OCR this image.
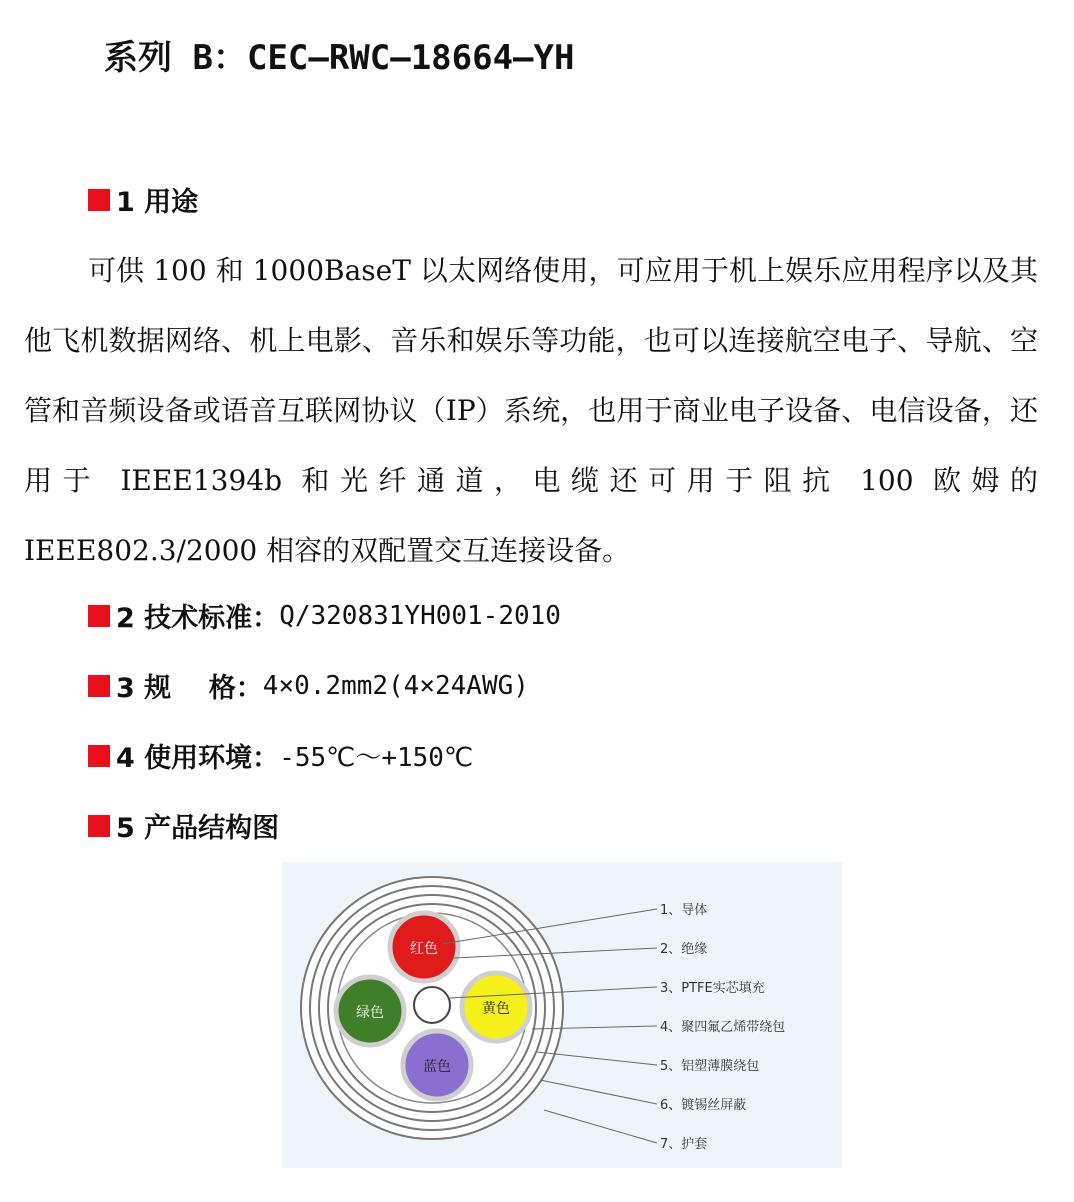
系列 B：CEC—RWC—18664—YH
1 用途

可供 100 和 1000BaseT 以太网络使用，可应用于机上娱乐应用程序以及其他飞机数据网络、机上电影、音乐和娱乐等功能，也可以连接航空电子、导航、空管和音频设备或语音互联网协议（IP）系统，也用于商业电子设备、电信设备，还用于 IEEE1394b 和光纤通道，电缆还可用于阻抗 100 欧姆的 IEEE802.3/2000 相容的双配置交互连接设备。

2 技术标准： Q/320831YH001-2010
3 规    格： 4×0.2mm 2 (4×24AWG)
4 使用环境： -55℃～+150℃
5 产品结构图
红色
黄色
绿色
蓝色
1、导体
2、绝缘
3、PTFE实芯填充
4、聚四氟乙烯带绕包
5、铝塑薄膜绕包
6、镀锡丝屏蔽
7、护套
